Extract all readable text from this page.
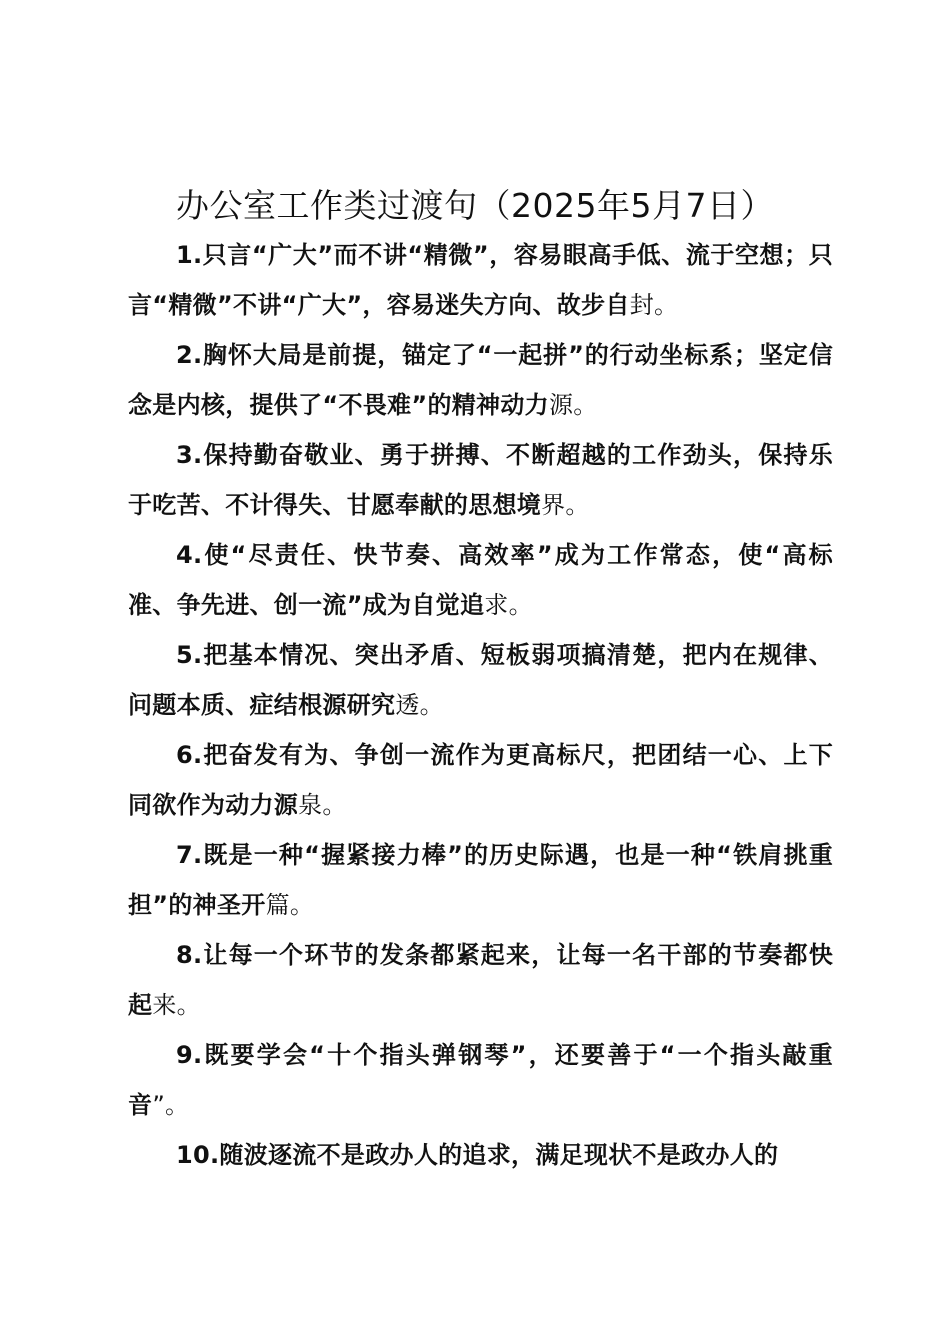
办公室工作类过渡句（2025年5月7日）

1.只言“广大”而不讲“精微”，容易眼高手低、流于空想；只言“精微”不讲“广大”，容易迷失方向、故步自封。

2.胸怀大局是前提，锚定了“一起拼”的行动坐标系；坚定信念是内核，提供了“不畏难”的精神动力源。

3.保持勤奋敬业、勇于拼搏、不断超越的工作劲头，保持乐于吃苦、不计得失、甘愿奉献的思想境界。

4.使“尽责任、快节奏、高效率”成为工作常态，使“高标准、争先进、创一流”成为自觉追求。

5.把基本情况、突出矛盾、短板弱项搞清楚，把内在规律、问题本质、症结根源研究透。

6.把奋发有为、争创一流作为更高标尺，把团结一心、上下同欲作为动力源泉。

7.既是一种“握紧接力棒”的历史际遇，也是一种“铁肩挑重担”的神圣开篇。

8.让每一个环节的发条都紧起来，让每一名干部的节奏都快起来。

9.既要学会“十个指头弹钢琴”，还要善于“一个指头敲重音”。

10.随波逐流不是政办人的追求，满足现状不是政办人的
